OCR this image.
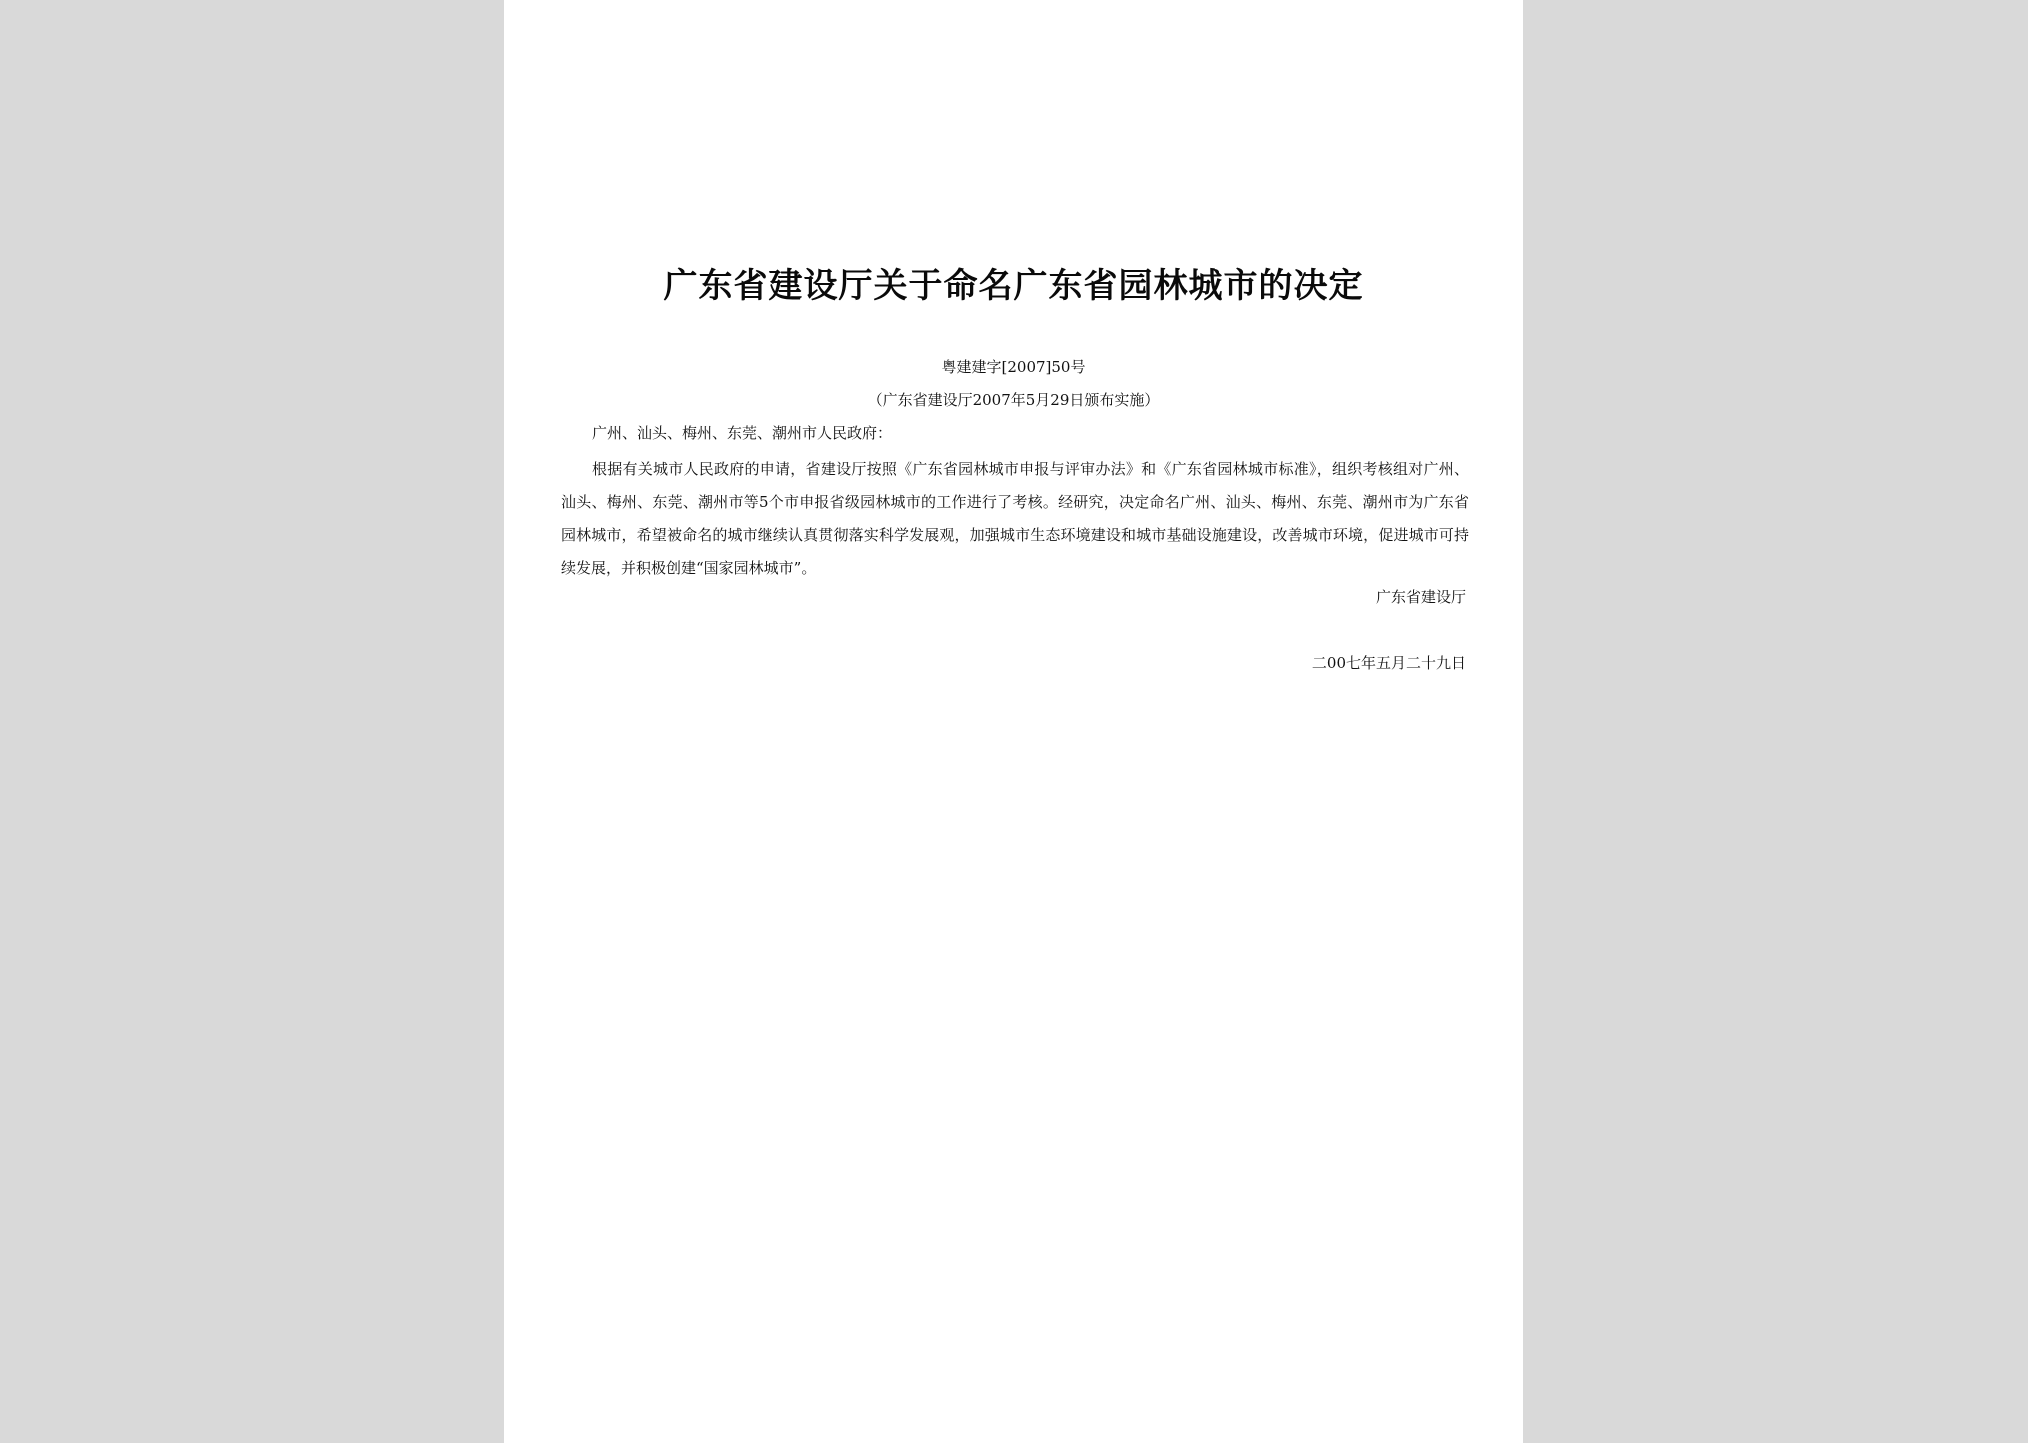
广东省建设厅关于命名广东省园林城市的决定
粤建建字[2007]50号
（广东省建设厅2007年5月29日颁布实施）
广州、汕头、梅州、东莞、潮州市人民政府：
根据有关城市人民政府的申请，省建设厅按照《广东省园林城市申报与评审办法》和《广东省园林城市标准》，组织考核组对广州、汕头、梅州、东莞、潮州市等5个市申报省级园林城市的工作进行了考核。经研究，决定命名广州、汕头、梅州、东莞、潮州市为广东省园林城市，希望被命名的城市继续认真贯彻落实科学发展观，加强城市生态环境建设和城市基础设施建设，改善城市环境，促进城市可持续发展，并积极创建“国家园林城市”。
广东省建设厅
二00七年五月二十九日
